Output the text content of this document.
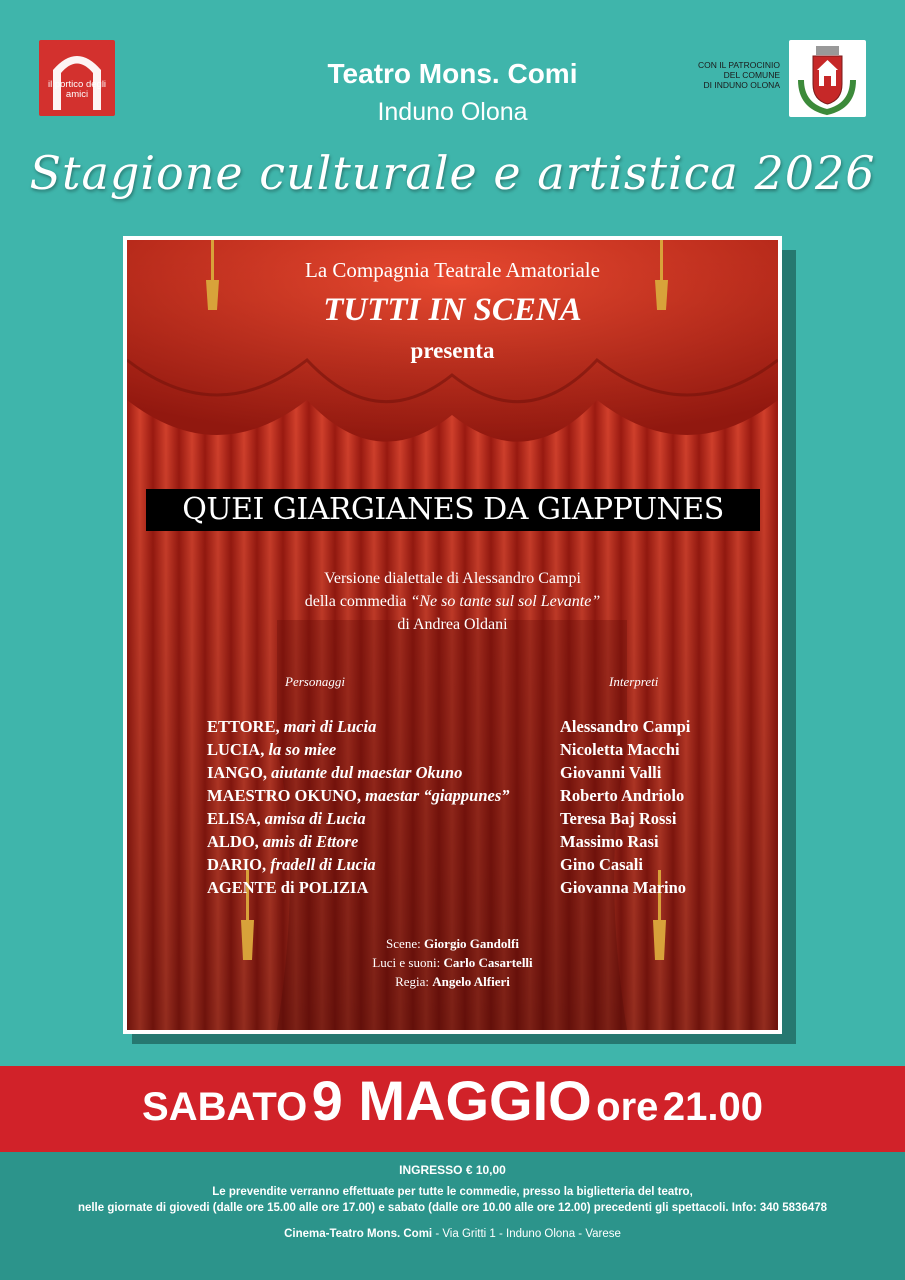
il portico degli amici
Teatro Mons. Comi
Induno Olona
CON IL PATROCINIO
DEL COMUNE
DI INDUNO OLONA
Stagione culturale e artistica 2026
La Compagnia Teatrale Amatoriale
TUTTI IN SCENA
presenta
QUEI GIARGIANES DA GIAPPUNES
Versione dialettale di Alessandro Campi
della commedia “Ne so tante sul sol Levante”
di Andrea Oldani
Personaggi	Interpreti
ETTORE, marì di Lucia	Alessandro Campi
LUCIA, la so miee	Nicoletta Macchi
IANGO, aiutante dul maestar Okuno	Giovanni Valli
MAESTRO OKUNO, maestar “giappunes”	Roberto Andriolo
ELISA, amisa di Lucia	Teresa Baj Rossi
ALDO, amis di Ettore	Massimo Rasi
DARIO, fradell di Lucia	Gino Casali
AGENTE di POLIZIA	Giovanna Marino
Scene: Giorgio Gandolfi
Luci e suoni: Carlo Casartelli
Regia: Angelo Alfieri
SABATO 9 MAGGIO ore 21.00
INGRESSO € 10,00
Le prevendite verranno effettuate per tutte le commedie, presso la biglietteria del teatro,
nelle giornate di giovedi (dalle ore 15.00 alle ore 17.00) e sabato (dalle ore 10.00 alle ore 12.00) precedenti gli spettacoli. Info: 340 5836478
Cinema-Teatro Mons. Comi - Via Gritti 1 - Induno Olona - Varese
